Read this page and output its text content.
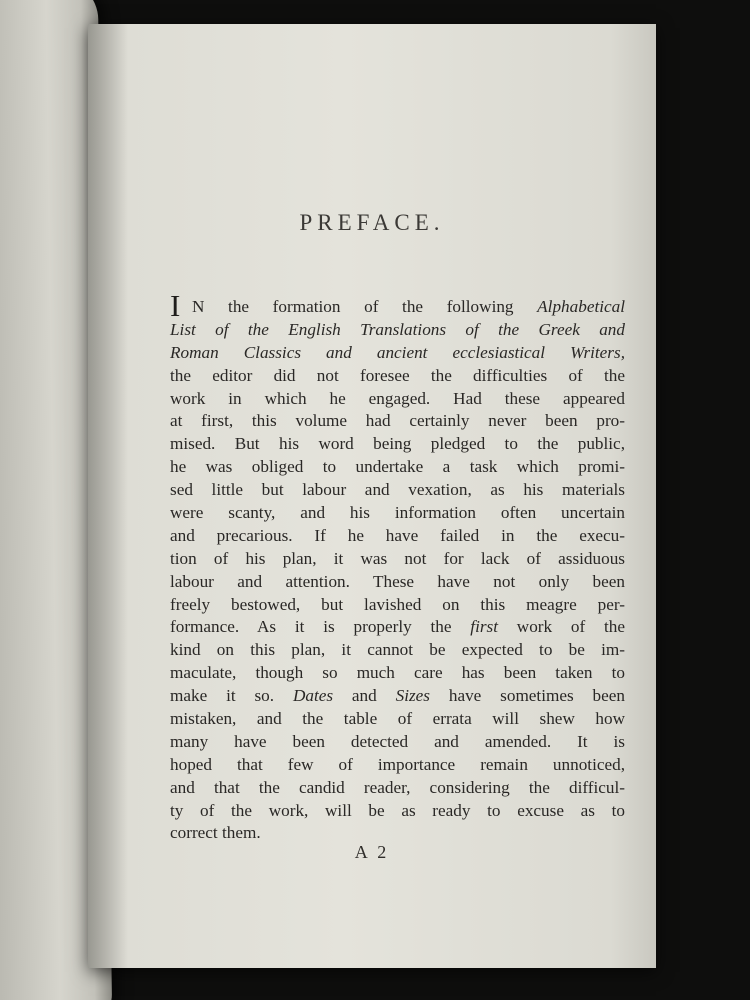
PREFACE.
I N the formation of the following Alphabetical
List of the English Translations of the Greek and
Roman Classics and ancient ecclesiastical Writers,
the editor did not foresee the difficulties of the
work in which he engaged. Had these appeared
at first, this volume had certainly never been pro-
mised. But his word being pledged to the public,
he was obliged to undertake a task which promi-
sed little but labour and vexation, as his materials
were scanty, and his information often uncertain
and precarious. If he have failed in the execu-
tion of his plan, it was not for lack of assiduous
labour and attention. These have not only been
freely bestowed, but lavished on this meagre per-
formance. As it is properly the first work of the
kind on this plan, it cannot be expected to be im-
maculate, though so much care has been taken to
make it so. Dates and Sizes have sometimes been
mistaken, and the table of errata will shew how
many have been detected and amended. It is
hoped that few of importance remain unnoticed,
and that the candid reader, considering the difficul-
ty of the work, will be as ready to excuse as to
correct them.
A 2
